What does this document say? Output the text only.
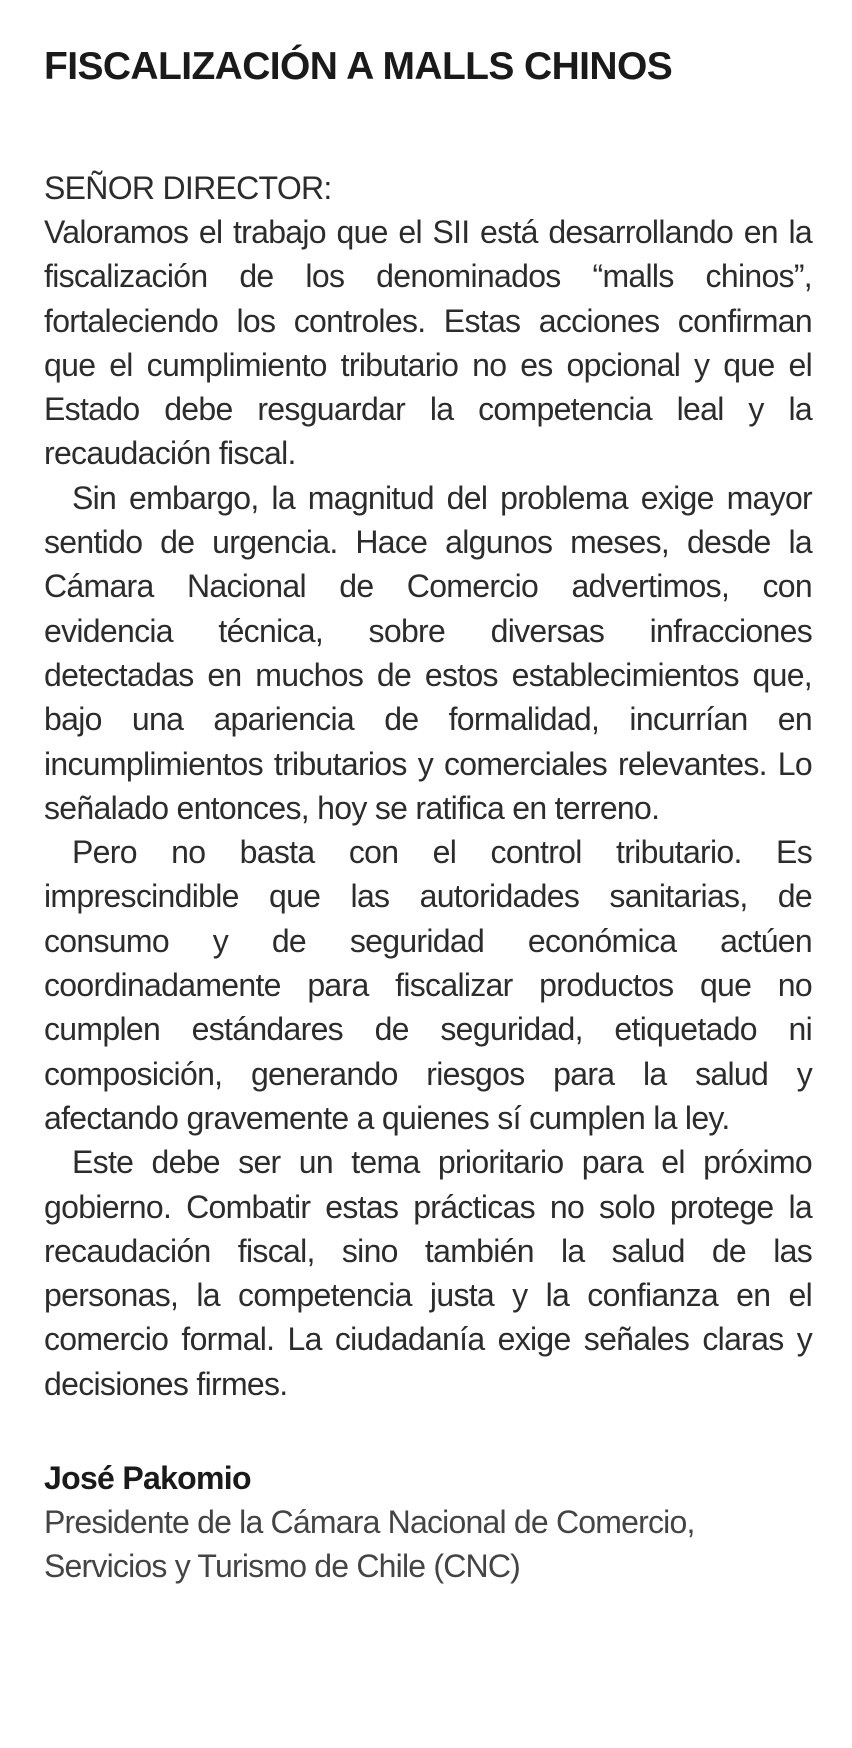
FISCALIZACIÓN A MALLS CHINOS
SEÑOR DIRECTOR:

Valoramos el trabajo que el SII está desarrollando en la fiscalización de los denominados “malls chinos”, fortaleciendo los controles. Estas acciones confirman que el cumplimiento tributario no es opcional y que el Estado debe resguardar la competencia leal y la recaudación fiscal.

Sin embargo, la magnitud del problema exige mayor sentido de urgencia. Hace algunos meses, desde la Cámara Nacional de Comercio advertimos, con evidencia técnica, sobre diversas infracciones detectadas en muchos de estos establecimientos que, bajo una apariencia de formalidad, incurrían en incumplimientos tributarios y comerciales relevantes. Lo señalado entonces, hoy se ratifica en terreno.

Pero no basta con el control tributario. Es imprescindible que las autoridades sanitarias, de consumo y de seguridad económica actúen coordinadamente para fiscalizar productos que no cumplen estándares de seguridad, etiquetado ni composición, generando riesgos para la salud y afectando gravemente a quienes sí cumplen la ley.

Este debe ser un tema prioritario para el próximo gobierno. Combatir estas prácticas no solo protege la recaudación fiscal, sino también la salud de las personas, la competencia justa y la confianza en el comercio formal. La ciudadanía exige señales claras y decisiones firmes.

José Pakomio

Presidente de la Cámara Nacional de Comercio,

Servicios y Turismo de Chile (CNC)
